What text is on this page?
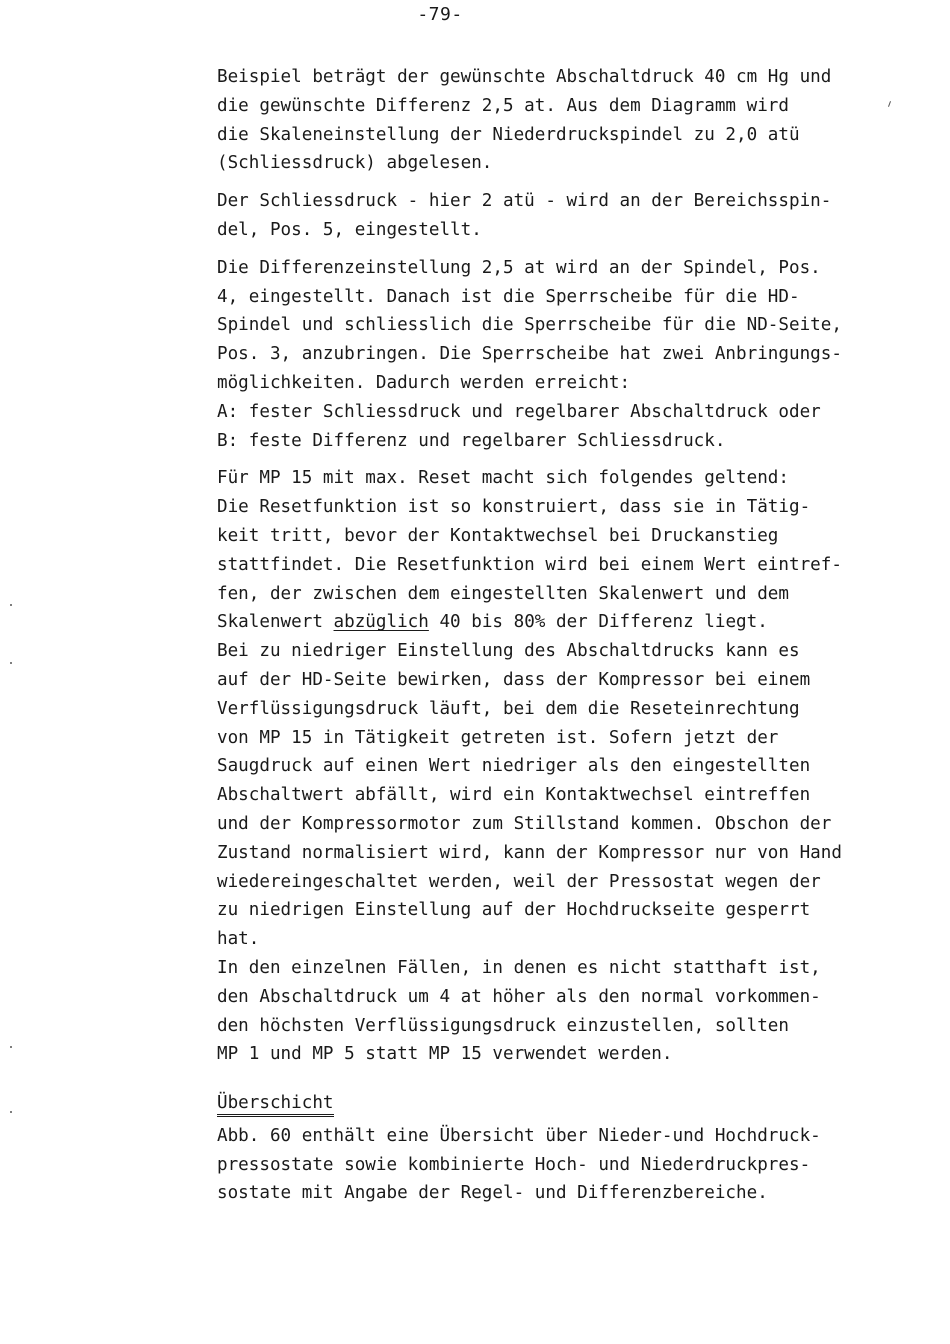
-79-
Beispiel beträgt der gewünschte Abschaltdruck 40 cm Hg und
die gewünschte Differenz 2,5 at. Aus dem Diagramm wird
die Skaleneinstellung der Niederdruckspindel zu 2,0 atü
(Schliessdruck) abgelesen.
Der Schliessdruck - hier 2 atü - wird an der Bereichsspin-
del, Pos. 5, eingestellt.
Die Differenzeinstellung 2,5 at wird an der Spindel, Pos.
4, eingestellt. Danach ist die Sperrscheibe für die HD-
Spindel und schliesslich die Sperrscheibe für die ND-Seite,
Pos. 3, anzubringen. Die Sperrscheibe hat zwei Anbringungs-
möglichkeiten. Dadurch werden erreicht:
A: fester Schliessdruck und regelbarer Abschaltdruck oder
B: feste Differenz und regelbarer Schliessdruck.
Für MP 15 mit max. Reset macht sich folgendes geltend:
Die Resetfunktion ist so konstruiert, dass sie in Tätig-
keit tritt, bevor der Kontaktwechsel bei Druckanstieg
stattfindet. Die Resetfunktion wird bei einem Wert eintref-
fen, der zwischen dem eingestellten Skalenwert und dem
Skalenwert abzüglich 40 bis 80% der Differenz liegt.
Bei zu niedriger Einstellung des Abschaltdrucks kann es
auf der HD-Seite bewirken, dass der Kompressor bei einem
Verflüssigungsdruck läuft, bei dem die Reseteinrechtung
von MP 15 in Tätigkeit getreten ist. Sofern jetzt der
Saugdruck auf einen Wert niedriger als den eingestellten
Abschaltwert abfällt, wird ein Kontaktwechsel eintreffen
und der Kompressormotor zum Stillstand kommen. Obschon der
Zustand normalisiert wird, kann der Kompressor nur von Hand
wiedereingeschaltet werden, weil der Pressostat wegen der
zu niedrigen Einstellung auf der Hochdruckseite gesperrt
hat.
In den einzelnen Fällen, in denen es nicht statthaft ist,
den Abschaltdruck um 4 at höher als den normal vorkommen-
den höchsten Verflüssigungsdruck einzustellen, sollten
MP 1 und MP 5 statt MP 15 verwendet werden.
Überschicht
Abb. 60 enthält eine Übersicht über Nieder-und Hochdruck-
pressostate sowie kombinierte Hoch- und Niederdruckpres-
sostate mit Angabe der Regel- und Differenzbereiche.
